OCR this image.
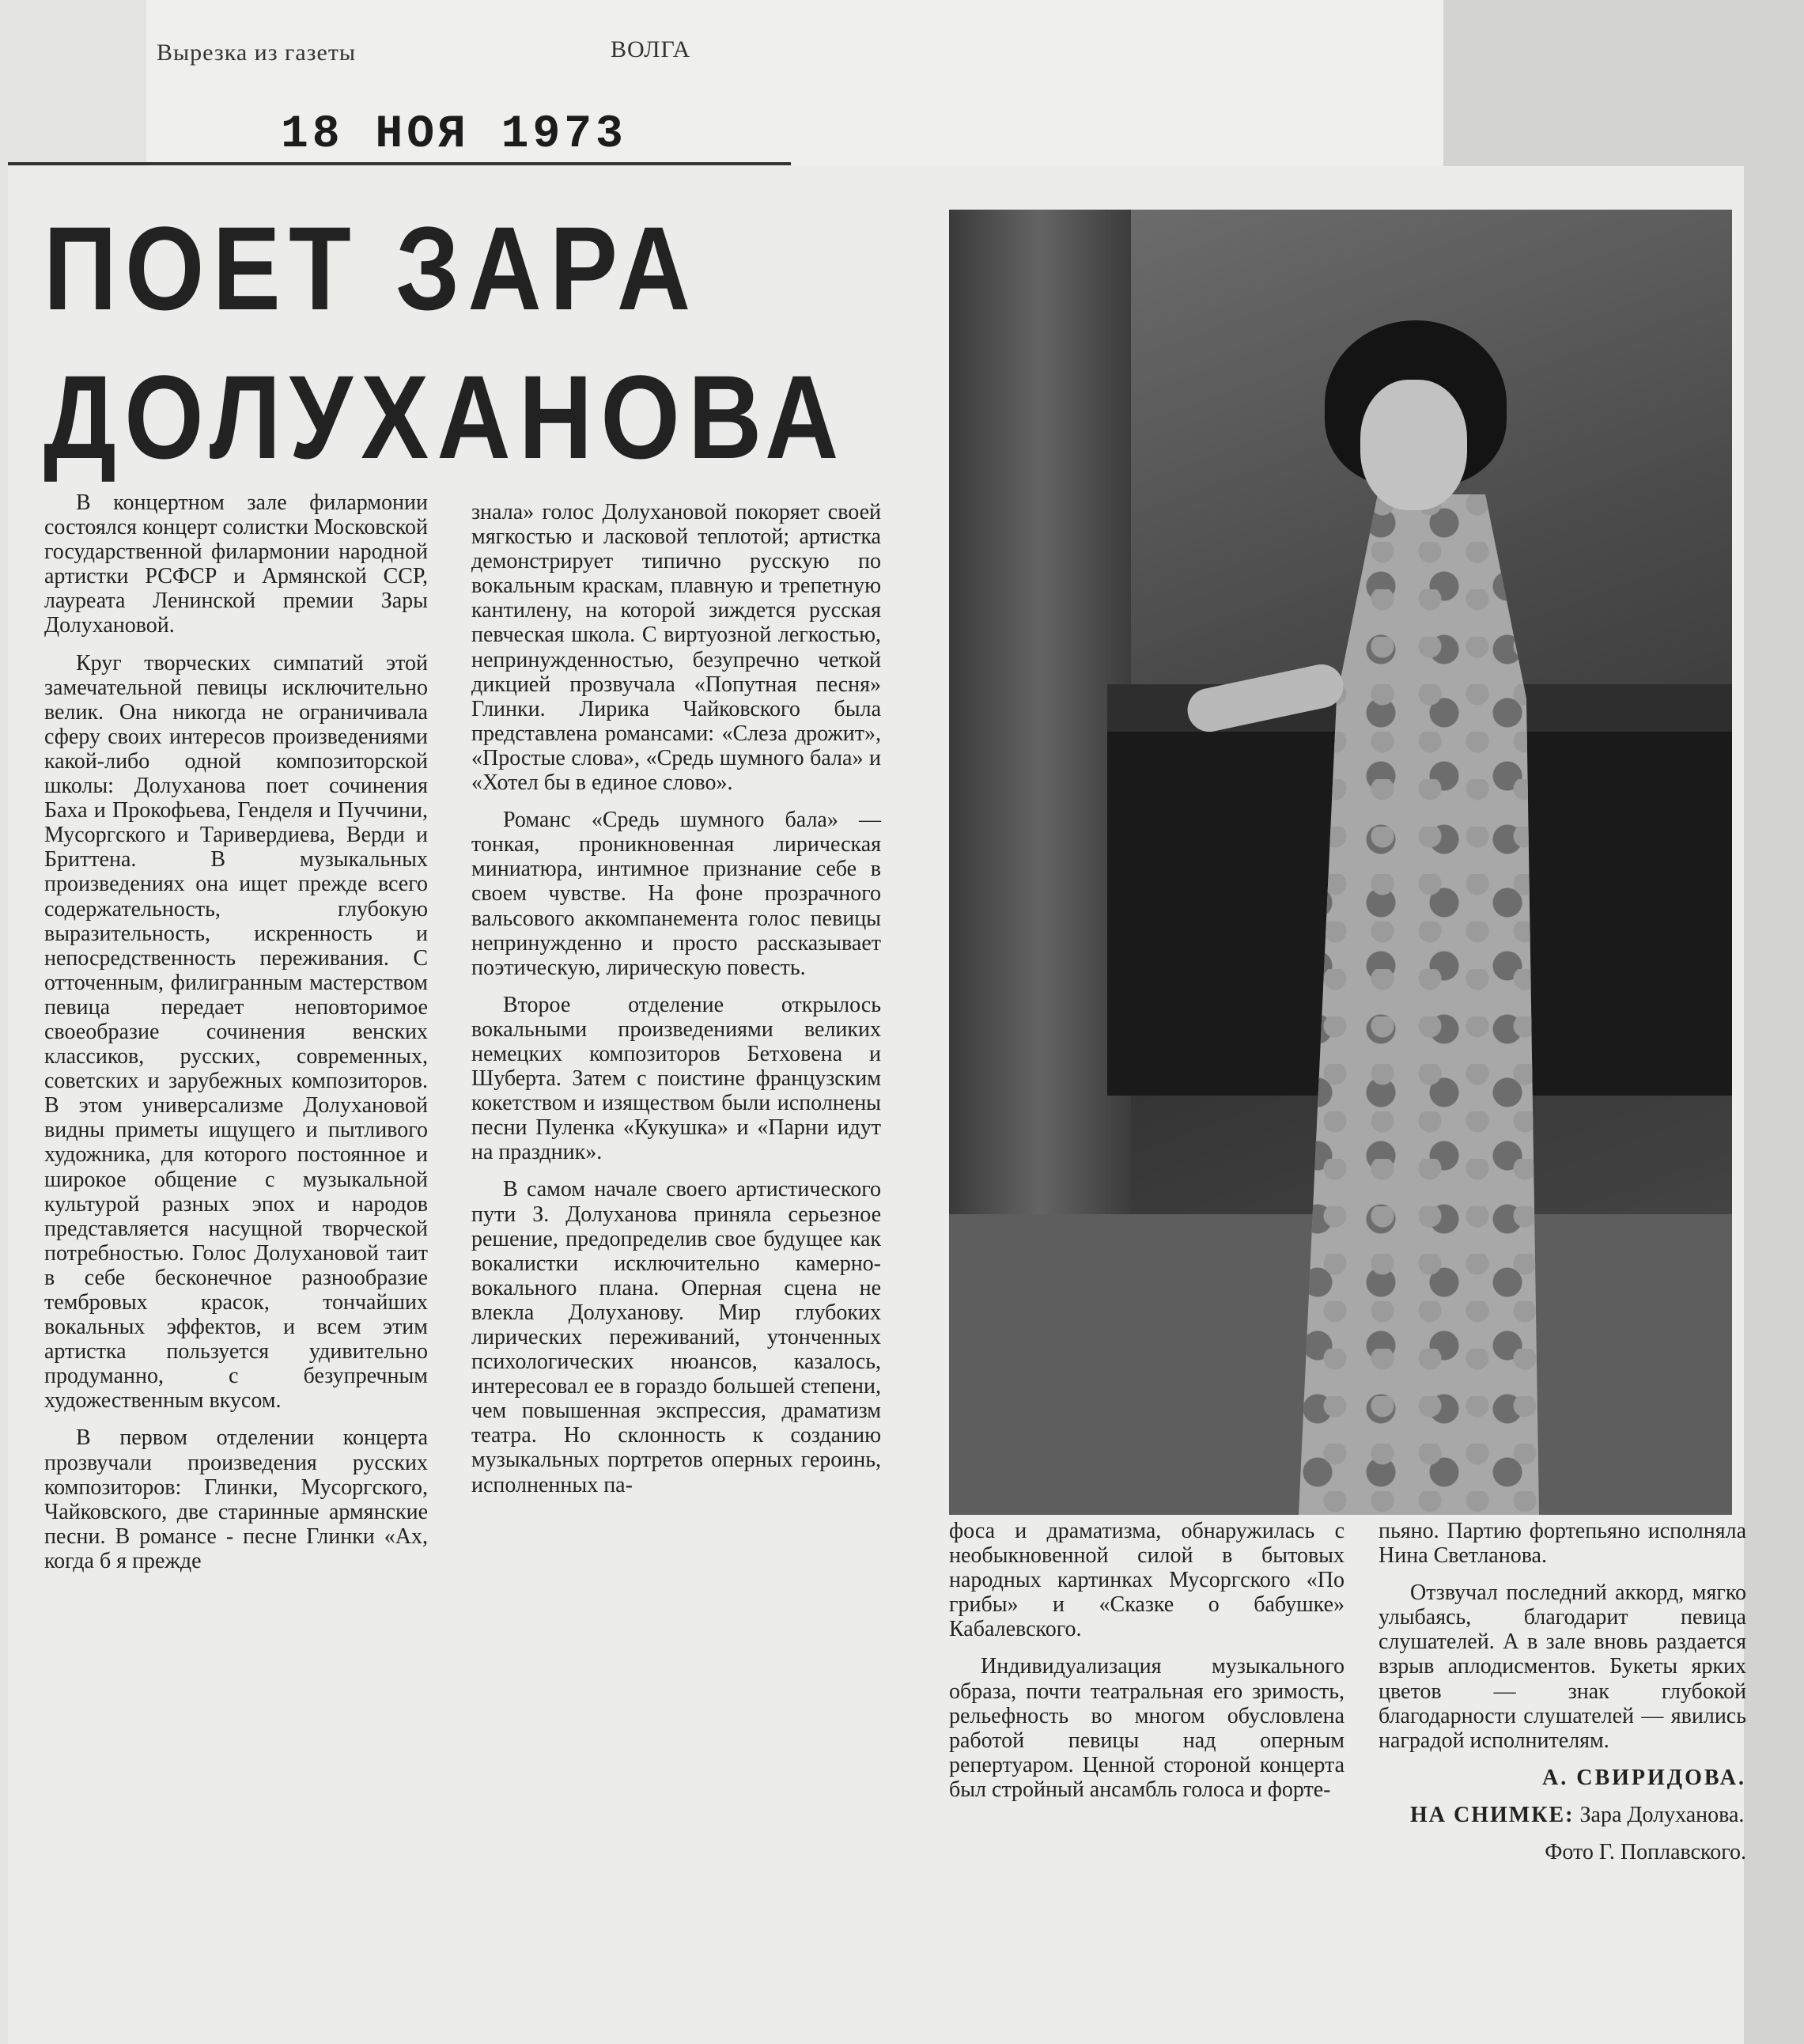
Вырезка из газеты	ВОЛГА
18 НОЯ 1973
ПОЕТ ЗАРА
ДОЛУХАНОВА

В концертном зале филармонии состоялся концерт солистки Московской государственной филармонии народной артистки РСФСР и Армянской ССР, лауреата Ленинской премии Зары Долухановой.

Круг творческих симпатий этой замечательной певицы исключительно велик. Она никогда не ограничивала сферу своих интересов произведениями какой-либо одной композиторской школы: Долуханова поет сочинения Баха и Прокофьева, Генделя и Пуччини, Мусоргского и Таривердиева, Верди и Бриттена. В музыкальных произведениях она ищет прежде всего содержательность, глубокую выразительность, искренность и непосредственность переживания. С отточенным, филигранным мастерством певица передает неповторимое своеобразие сочинения венских классиков, русских, современных, советских и зарубежных композиторов. В этом универсализме Долухановой видны приметы ищущего и пытливого художника, для которого постоянное и широкое общение с музыкальной культурой разных эпох и народов представляется насущной творческой потребностью. Голос Долухановой таит в себе бесконечное разнообразие тембровых красок, тончайших вокальных эффектов, и всем этим артистка пользуется удивительно продуманно, с безупречным художественным вкусом.

В первом отделении концерта прозвучали произведения русских композиторов: Глинки, Мусоргского, Чайковского, две старинные армянские песни. В романсе - песне Глинки «Ах, когда б я прежде

знала» голос Долухановой покоряет своей мягкостью и ласковой теплотой; артистка демонстрирует типично русскую по вокальным краскам, плавную и трепетную кантилену, на которой зиждется русская певческая школа. С виртуозной легкостью, непринужденностью, безупречно четкой дикцией прозвучала «Попутная песня» Глинки. Лирика Чайковского была представлена романсами: «Слеза дрожит», «Простые слова», «Средь шумного бала» и «Хотел бы в единое слово».

Романс «Средь шумного бала» — тонкая, проникновенная лирическая миниатюра, интимное признание себе в своем чувстве. На фоне прозрачного вальсового аккомпанемента голос певицы непринужденно и просто рассказывает поэтическую, лирическую повесть.

Второе отделение открылось вокальными произведениями великих немецких композиторов Бетховена и Шуберта. Затем с поистине французским кокетством и изяществом были исполнены песни Пуленка «Кукушка» и «Парни идут на праздник».

В самом начале своего артистического пути З. Долуханова приняла серьезное решение, предопределив свое будущее как вокалистки исключительно камерно-вокального плана. Оперная сцена не влекла Долуханову. Мир глубоких лирических переживаний, утонченных психологических нюансов, казалось, интересовал ее в гораздо большей степени, чем повышенная экспрессия, драматизм театра. Но склонность к созданию музыкальных портретов оперных героинь, исполненных па-

фоса и драматизма, обнаружилась с необыкновенной силой в бытовых народных картинках Мусоргского «По грибы» и «Сказке о бабушке» Кабалевского.

Индивидуализация музыкального образа, почти театральная его зримость, рельефность во многом обусловлена работой певицы над оперным репертуаром. Ценной стороной концерта был стройный ансамбль голоса и форте-

пьяно. Партию фортепьяно исполняла Нина Светланова.

Отзвучал последний аккорд, мягко улыбаясь, благодарит певица слушателей. А в зале вновь раздается взрыв аплодисментов. Букеты ярких цветов — знак глубокой благодарности слушателей — явились наградой исполнителям.

А. СВИРИДОВА.

НА СНИМКЕ: Зара Долуханова.

Фото Г. Поплавского.
